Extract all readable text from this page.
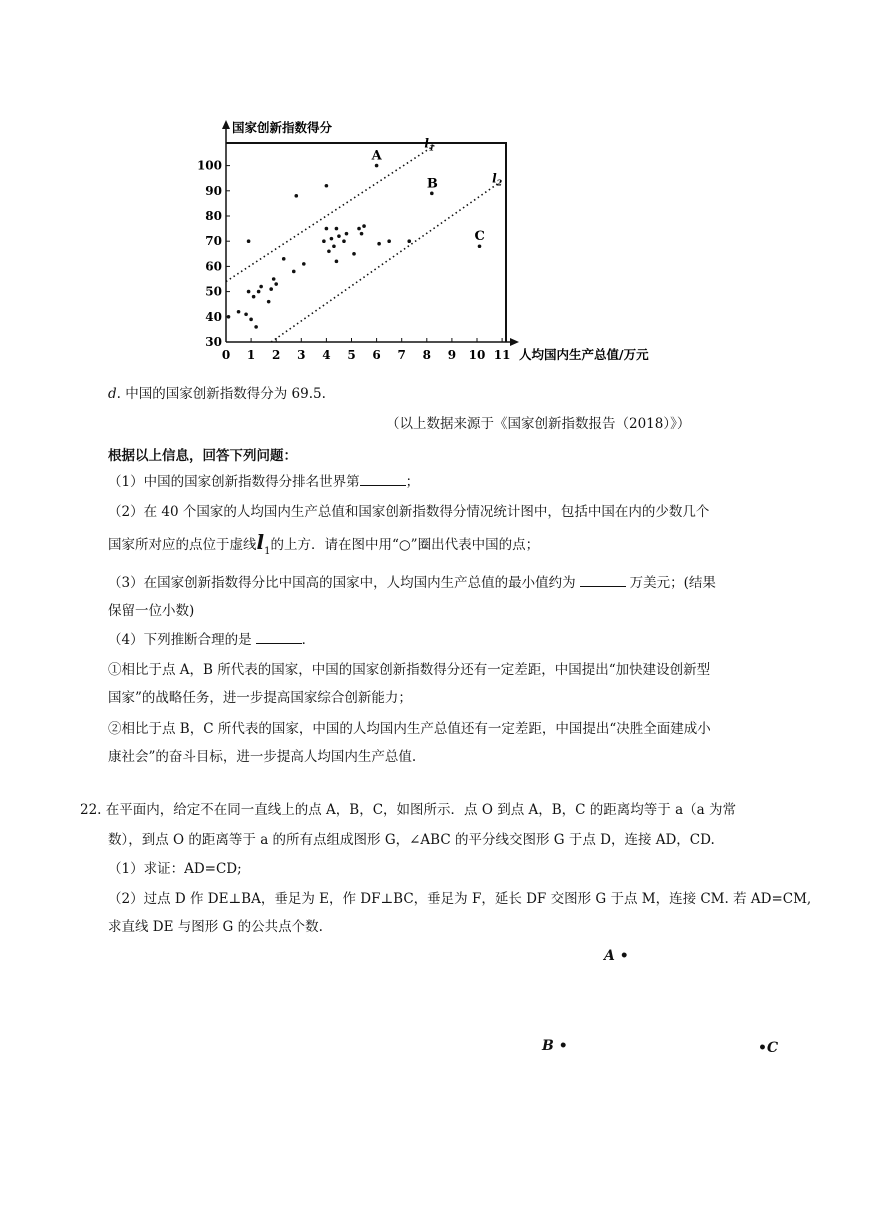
30
40
50
60
70
80
90
100
0 1 2 3 4 5 6 7 8 9 10 11
国家创新指数得分
人均国内生产总值/万元
$l_1$
$l_2$
A
B
C
d. 中国的国家创新指数得分为 69.5.
（以上数据来源于《国家创新指数报告（2018）》）
根据以上信息，回答下列问题：
（1）中国的国家创新指数得分排名世界第	；
（2）在 40 个国家的人均国内生产总值和国家创新指数得分情况统计图中，包括中国在内的少数几个
国家所对应的点位于虚线$l_1$的上方．请在图中用“○”圈出代表中国的点；
（3）在国家创新指数得分比中国高的国家中，人均国内生产总值的最小值约为	万美元；(结果
保留一位小数)
（4）下列推断合理的是	．
①相比于点 A，B 所代表的国家，中国的国家创新指数得分还有一定差距，中国提出“加快建设创新型
国家”的战略任务，进一步提高国家综合创新能力；
②相比于点 B，C 所代表的国家，中国的人均国内生产总值还有一定差距，中国提出“决胜全面建成小
康社会”的奋斗目标，进一步提高人均国内生产总值.
22. 在平面内，给定不在同一直线上的点 A，B，C，如图所示．点 O 到点 A，B，C 的距离均等于 a（a 为常
数），到点 O 的距离等于 a 的所有点组成图形 G，∠ABC 的平分线交图形 G 于点 D，连接 AD，CD.
（1）求证：AD=CD;
（2）过点 D 作 DE⊥BA，垂足为 E，作 DF⊥BC，垂足为 F，延长 DF 交图形 G 于点 M，连接 CM. 若 AD=CM,
求直线 DE 与图形 G 的公共点个数.
A •
B •	•C
